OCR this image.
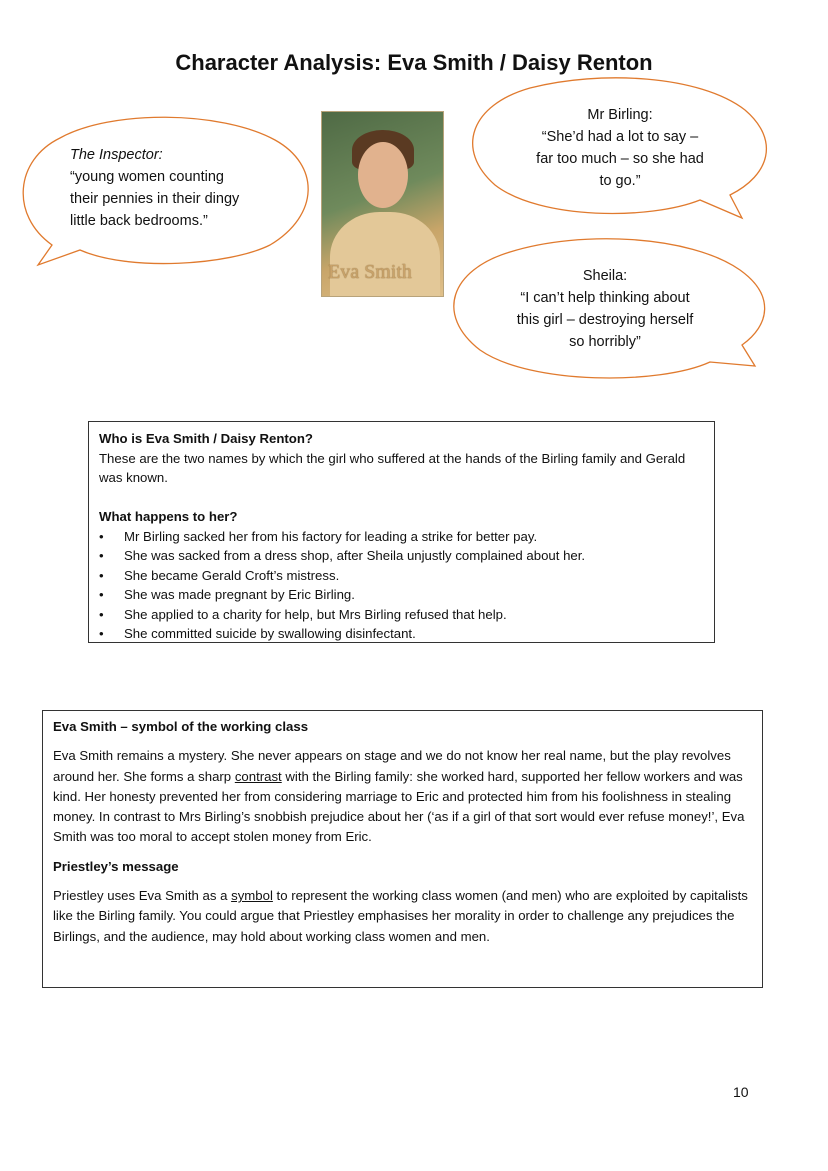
Character Analysis: Eva Smith / Daisy Renton
The Inspector:
“young women counting
their pennies in their dingy
little back bedrooms.”
Mr Birling:
“She’d had a lot to say –
far too much – so she had
to go.”
Sheila:
“I can’t help thinking about
this girl – destroying herself
so horribly”
Eva Smith
Who is Eva Smith / Daisy Renton?

These are the two names by which the girl who suffered at the hands of the Birling family and Gerald was known.

What happens to her?
• Mr Birling sacked her from his factory for leading a strike for better pay.
• She was sacked from a dress shop, after Sheila unjustly complained about her.
• She became Gerald Croft’s mistress.
• She was made pregnant by Eric Birling.
• She applied to a charity for help, but Mrs Birling refused that help.
• She committed suicide by swallowing disinfectant.

Eva Smith – symbol of the working class

Eva Smith remains a mystery. She never appears on stage and we do not know her real name, but the play revolves around her. She forms a sharp contrast with the Birling family: she worked hard, supported her fellow workers and was kind. Her honesty prevented her from considering marriage to Eric and protected him from his foolishness in stealing money. In contrast to Mrs Birling’s snobbish prejudice about her (‘as if a girl of that sort would ever refuse money!’, Eva Smith was too moral to accept stolen money from Eric.

Priestley’s message

Priestley uses Eva Smith as a symbol to represent the working class women (and men) who are exploited by capitalists like the Birling family. You could argue that Priestley emphasises her morality in order to challenge any prejudices the Birlings, and the audience, may hold about working class women and men.

10
